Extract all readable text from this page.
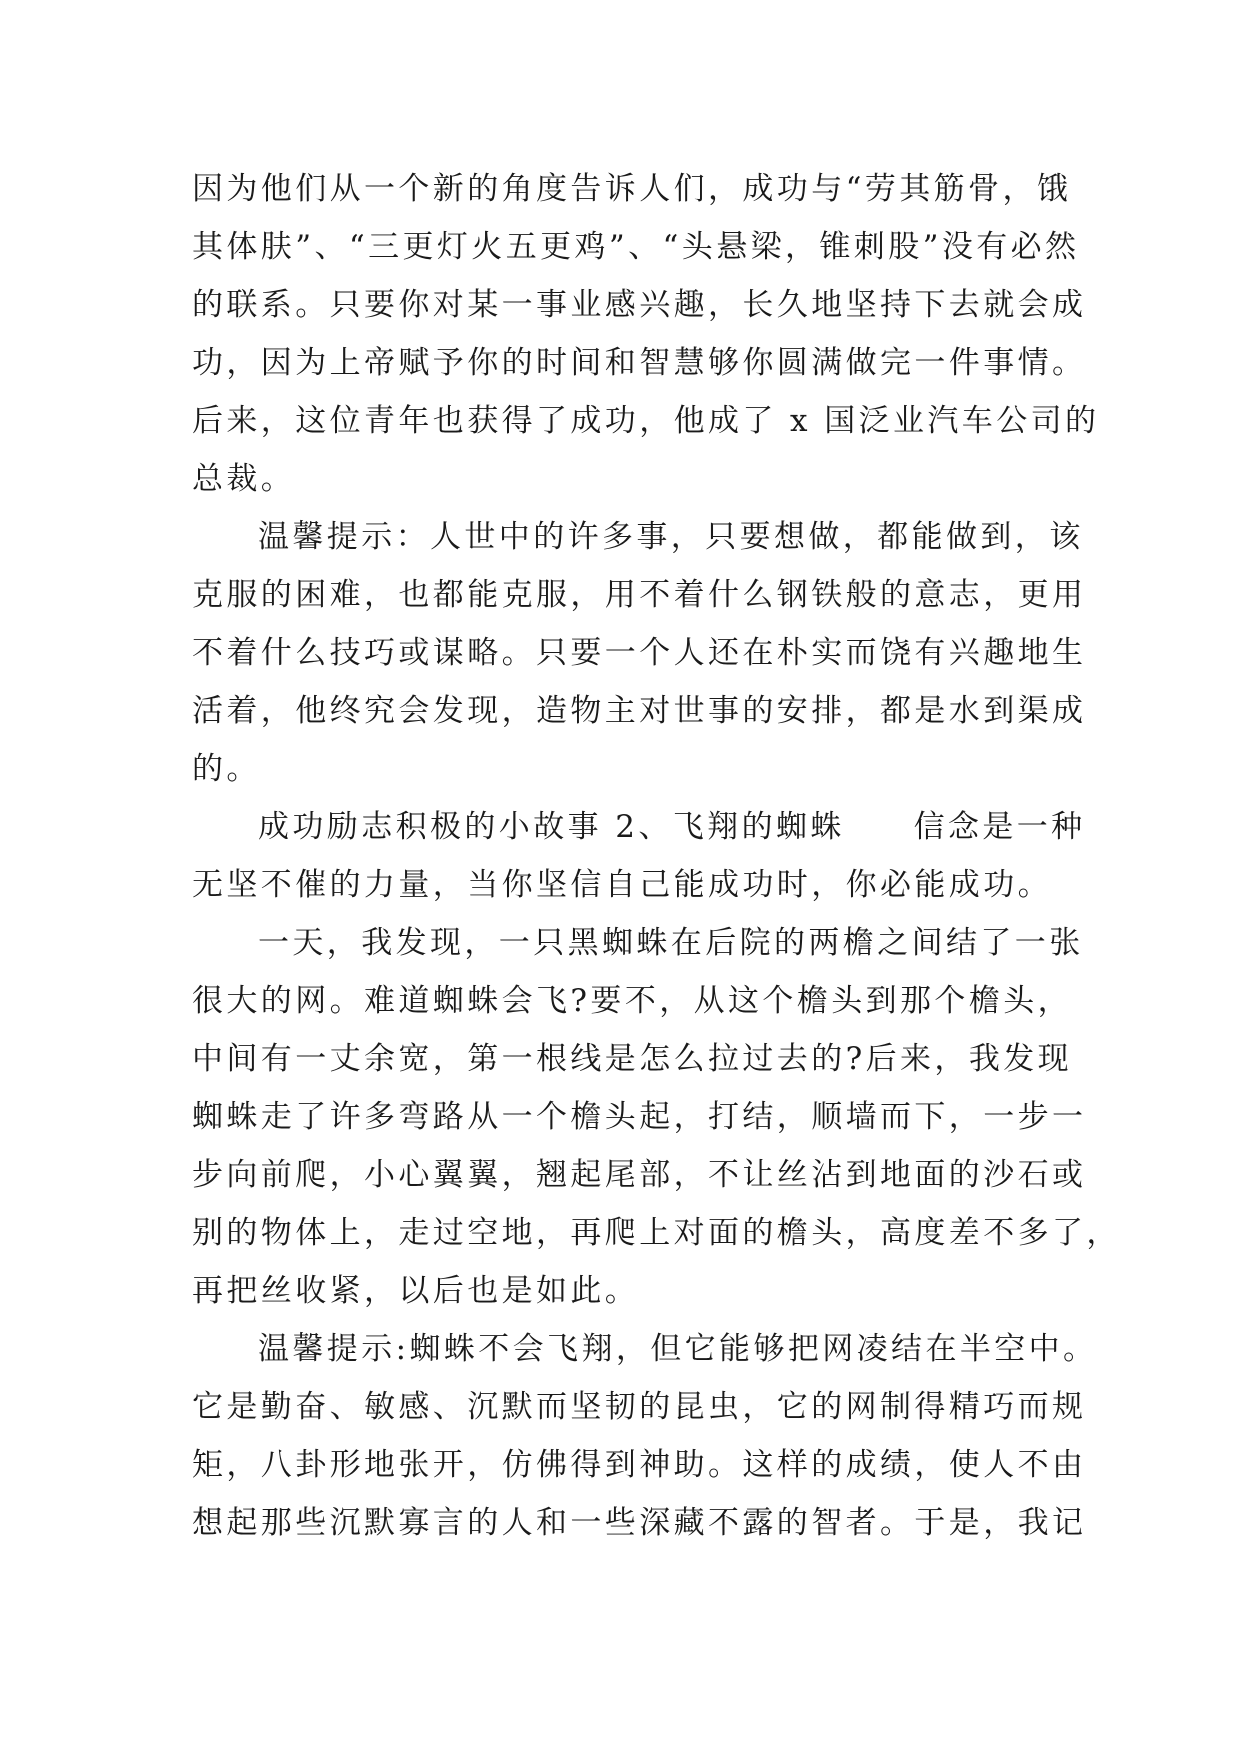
因为他们从一个新的角度告诉人们，成功与“劳其筋骨，饿
其体肤”、“三更灯火五更鸡”、“头悬梁，锥刺股”没有必然
的联系。只要你对某一事业感兴趣，长久地坚持下去就会成
功，因为上帝赋予你的时间和智慧够你圆满做完一件事情。
后来，这位青年也获得了成功，他成了 x 国泛业汽车公司的
总裁。
温馨提示：人世中的许多事，只要想做，都能做到，该
克服的困难，也都能克服，用不着什么钢铁般的意志，更用
不着什么技巧或谋略。只要一个人还在朴实而饶有兴趣地生
活着，他终究会发现，造物主对世事的安排，都是水到渠成
的。
成功励志积极的小故事 2、飞翔的蜘蛛　　信念是一种
无坚不催的力量，当你坚信自己能成功时，你必能成功。
一天，我发现，一只黑蜘蛛在后院的两檐之间结了一张
很大的网。难道蜘蛛会飞?要不，从这个檐头到那个檐头，
中间有一丈余宽，第一根线是怎么拉过去的?后来，我发现
蜘蛛走了许多弯路从一个檐头起，打结，顺墙而下，一步一
步向前爬，小心翼翼，翘起尾部，不让丝沾到地面的沙石或
别的物体上，走过空地，再爬上对面的檐头，高度差不多了，
再把丝收紧，以后也是如此。
温馨提示:蜘蛛不会飞翔，但它能够把网凌结在半空中。
它是勤奋、敏感、沉默而坚韧的昆虫，它的网制得精巧而规
矩，八卦形地张开，仿佛得到神助。这样的成绩，使人不由
想起那些沉默寡言的人和一些深藏不露的智者。于是，我记
